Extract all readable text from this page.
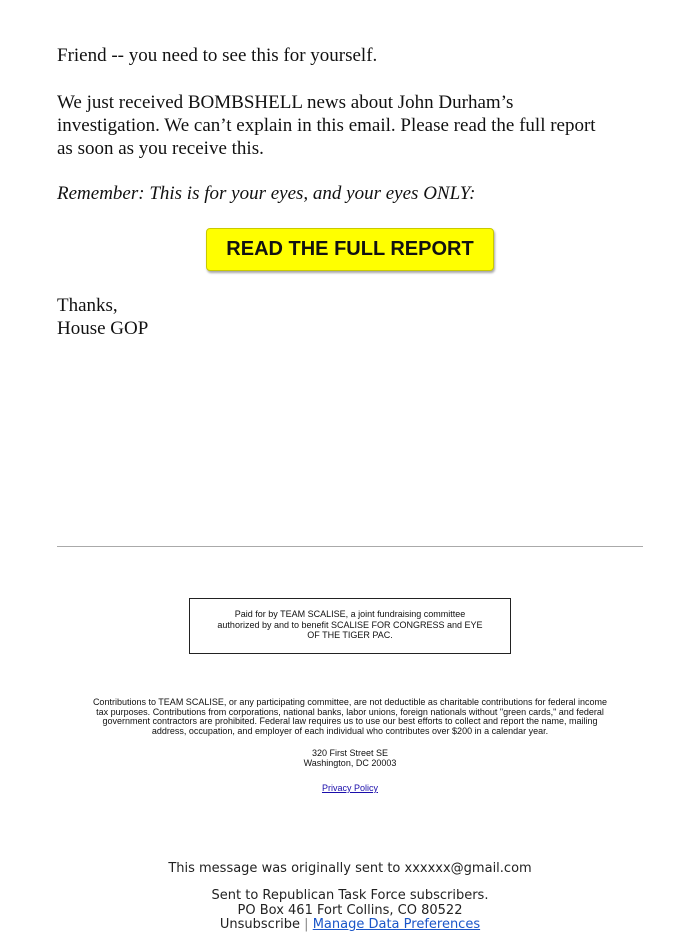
Friend -- you need to see this for yourself.

We just received BOMBSHELL news about John Durham’s
investigation. We can’t explain in this email. Please read the full report
as soon as you receive this.

Remember: This is for your eyes, and your eyes ONLY:

READ THE FULL REPORT

Thanks,
House GOP

Paid for by TEAM SCALISE, a joint fundraising committee
authorized by and to benefit SCALISE FOR CONGRESS and EYE
OF THE TIGER PAC.

Contributions to TEAM SCALISE, or any participating committee, are not deductible as charitable contributions for federal income
tax purposes. Contributions from corporations, national banks, labor unions, foreign nationals without "green cards," and federal
government contractors are prohibited. Federal law requires us to use our best efforts to collect and report the name, mailing
address, occupation, and employer of each individual who contributes over $200 in a calendar year.

320 First Street SE
Washington, DC 20003
Privacy Policy
This message was originally sent to xxxxxx@gmail.com
Sent to Republican Task Force subscribers.
PO Box 461 Fort Collins, CO 80522
Unsubscribe | Manage Data Preferences
